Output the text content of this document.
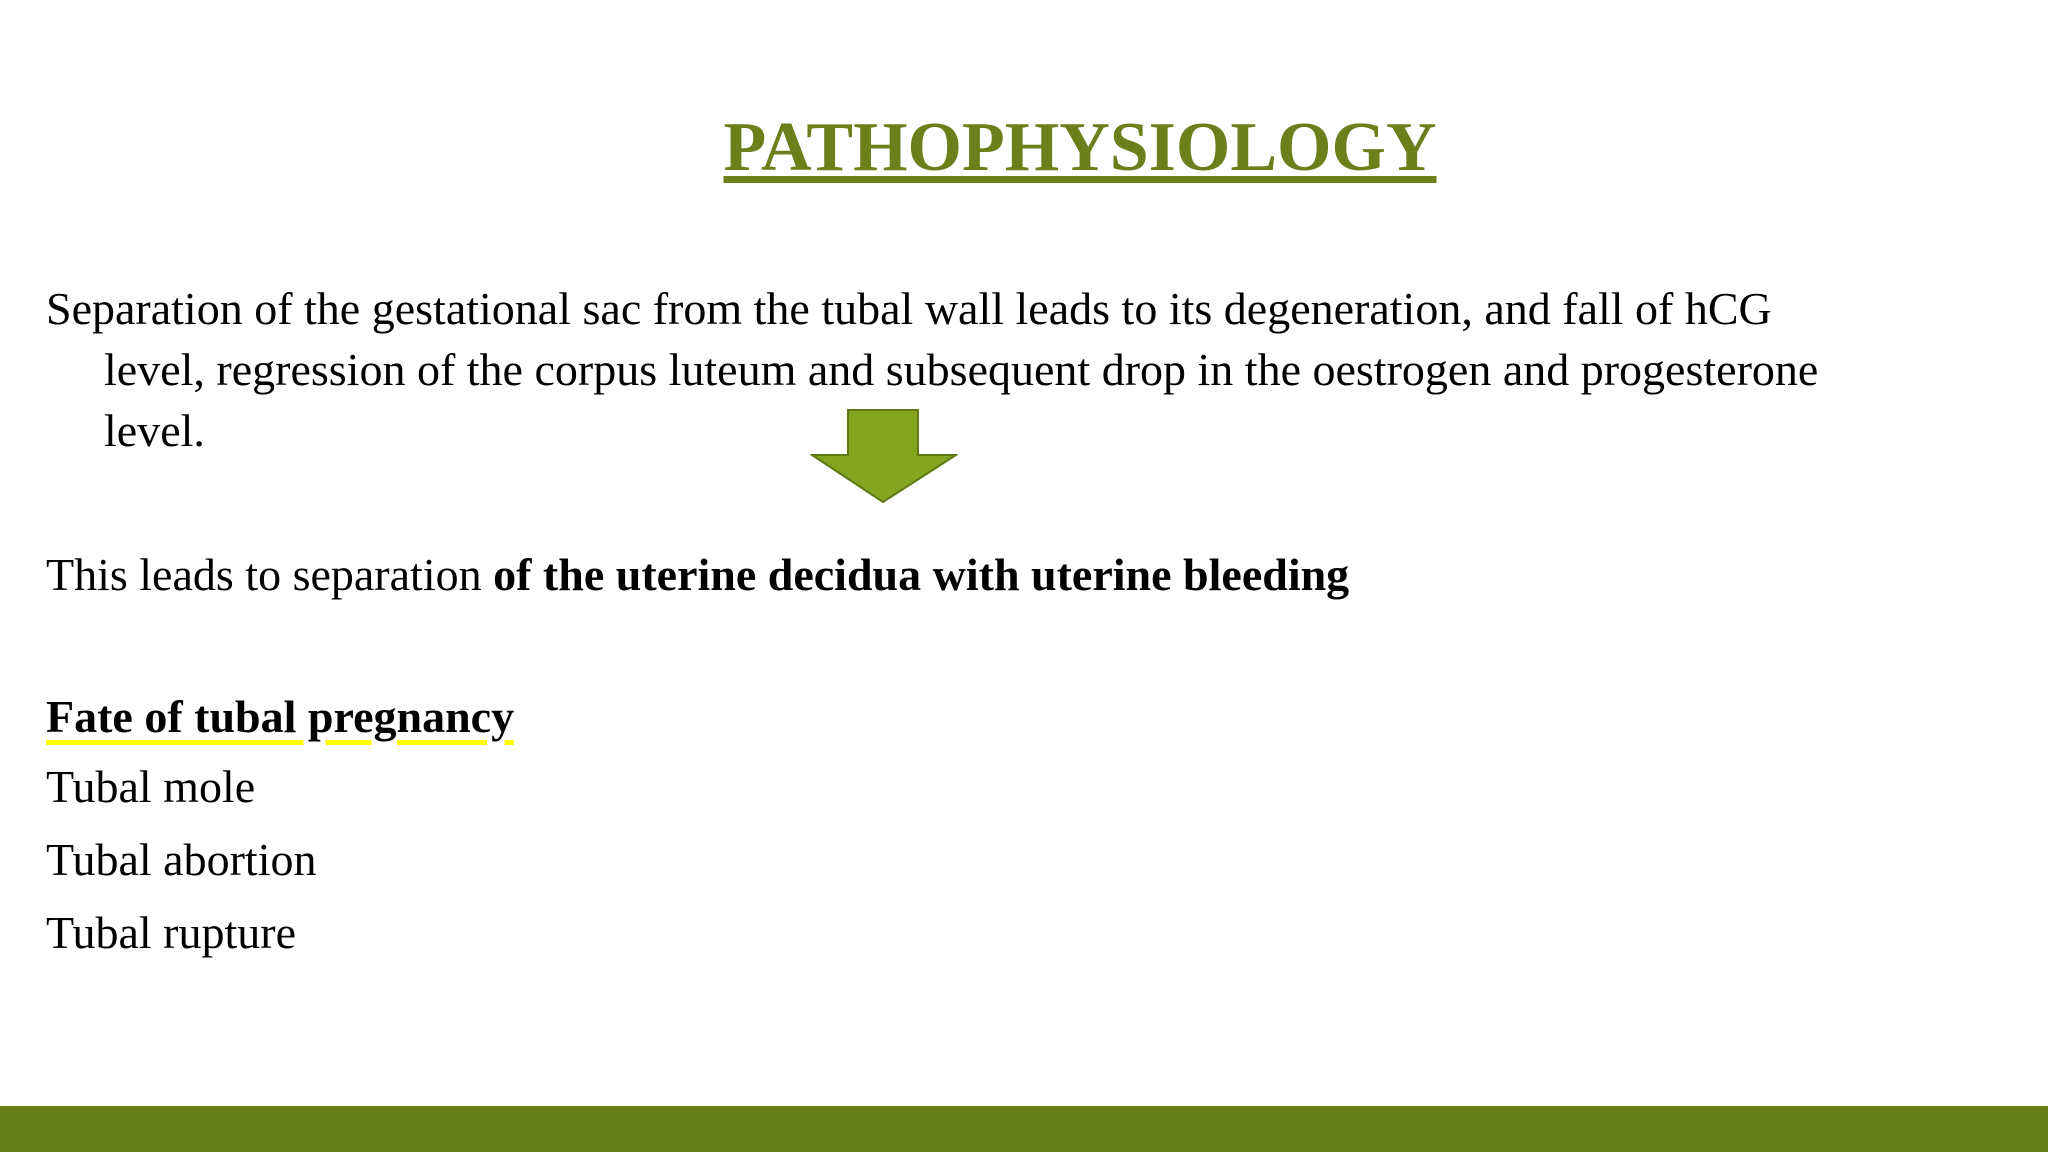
PATHOPHYSIOLOGY
Separation of the gestational sac from the tubal wall leads to its degeneration, and fall of hCG level, regression of the corpus luteum and subsequent drop in the oestrogen and progesterone level.
This leads to separation of the uterine decidua with uterine bleeding
Fate of tubal pregnancy
Tubal mole
Tubal abortion
Tubal rupture
